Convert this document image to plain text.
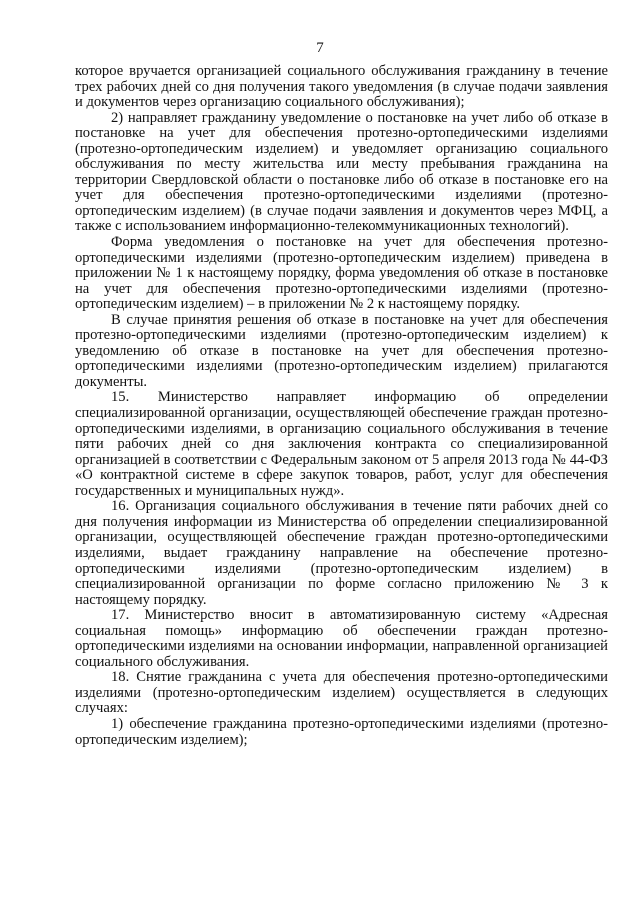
7

которое вручается организацией социального обслуживания гражданину в течение трех рабочих дней со дня получения такого уведомления (в случае подачи заявления и документов через организацию социального обслуживания);

2) направляет гражданину уведомление о постановке на учет либо об отказе в постановке на учет для обеспечения протезно-ортопедическими изделиями (протезно-ортопедическим изделием) и уведомляет организацию социального обслуживания по месту жительства или месту пребывания гражданина на территории Свердловской области о постановке либо об отказе в постановке его на учет для обеспечения протезно-ортопедическими изделиями (протезно-ортопедическим изделием) (в случае подачи заявления и документов через МФЦ, а также с использованием информационно-телекоммуникационных технологий).

Форма уведомления о постановке на учет для обеспечения протезно-ортопедическими изделиями (протезно-ортопедическим изделием) приведена в приложении № 1 к настоящему порядку, форма уведомления об отказе в постановке на учет для обеспечения протезно-ортопедическими изделиями (протезно-ортопедическим изделием) – в приложении № 2 к настоящему порядку.

В случае принятия решения об отказе в постановке на учет для обеспечения протезно-ортопедическими изделиями (протезно-ортопедическим изделием) к уведомлению об отказе в постановке на учет для обеспечения протезно-ортопедическими изделиями (протезно-ортопедическим изделием) прилагаются документы.

15. Министерство направляет информацию об определении специализированной организации, осуществляющей обеспечение граждан протезно-ортопедическими изделиями, в организацию социального обслуживания в течение пяти рабочих дней со дня заключения контракта со специализированной организацией в соответствии с Федеральным законом от 5 апреля 2013 года № 44-ФЗ «О контрактной системе в сфере закупок товаров, работ, услуг для обеспечения государственных и муниципальных нужд».

16. Организация социального обслуживания в течение пяти рабочих дней со дня получения информации из Министерства об определении специализированной организации, осуществляющей обеспечение граждан протезно-ортопедическими изделиями, выдает гражданину направление на обеспечение протезно-ортопедическими изделиями (протезно-ортопедическим изделием) в специализированной организации по форме согласно приложению № 3 к настоящему порядку.

17. Министерство вносит в автоматизированную систему «Адресная социальная помощь» информацию об обеспечении граждан протезно-ортопедическими изделиями на основании информации, направленной организацией социального обслуживания.

18. Снятие гражданина с учета для обеспечения протезно-ортопедическими изделиями (протезно-ортопедическим изделием) осуществляется в следующих случаях:

1) обеспечение гражданина протезно-ортопедическими изделиями (протезно-ортопедическим изделием);
